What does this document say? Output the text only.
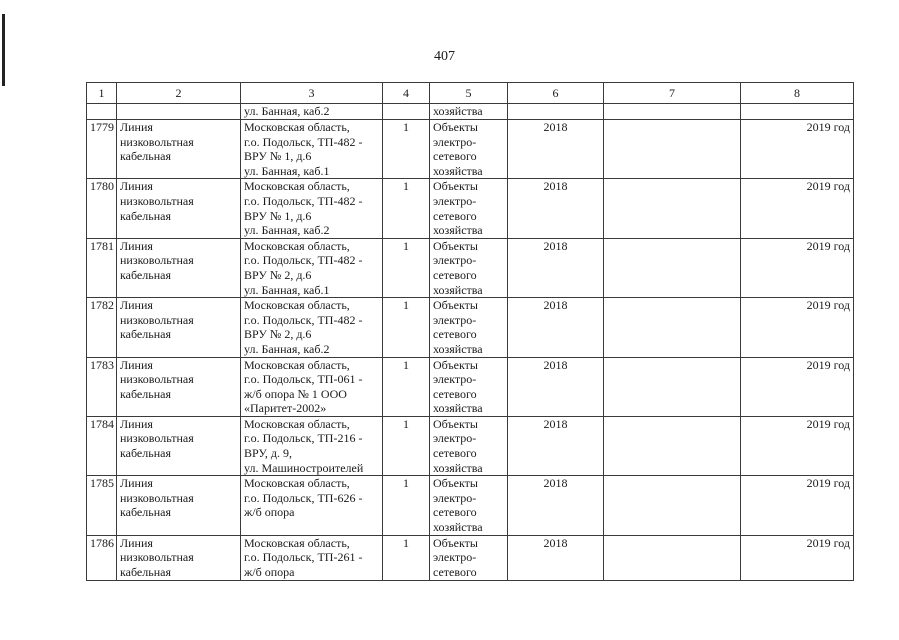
407
1	2	3	4	5	6	7	8
		ул. Банная, каб.2		хозяйства			
1779	Линия
низковольтная
кабельная	Московская область,
г.о. Подольск, ТП-482 -
ВРУ № 1, д.6
ул. Банная, каб.1	1	Объекты
электро-
сетевого
хозяйства	2018		2019 год
1780	Линия
низковольтная
кабельная	Московская область,
г.о. Подольск, ТП-482 -
ВРУ № 1, д.6
ул. Банная, каб.2	1	Объекты
электро-
сетевого
хозяйства	2018		2019 год
1781	Линия
низковольтная
кабельная	Московская область,
г.о. Подольск, ТП-482 -
ВРУ № 2, д.6
ул. Банная, каб.1	1	Объекты
электро-
сетевого
хозяйства	2018		2019 год
1782	Линия
низковольтная
кабельная	Московская область,
г.о. Подольск, ТП-482 -
ВРУ № 2, д.6
ул. Банная, каб.2	1	Объекты
электро-
сетевого
хозяйства	2018		2019 год
1783	Линия
низковольтная
кабельная	Московская область,
г.о. Подольск, ТП-061 -
ж/б опора № 1 ООО
«Паритет-2002»	1	Объекты
электро-
сетевого
хозяйства	2018		2019 год
1784	Линия
низковольтная
кабельная	Московская область,
г.о. Подольск, ТП-216 -
ВРУ, д. 9,
ул. Машиностроителей	1	Объекты
электро-
сетевого
хозяйства	2018		2019 год
1785	Линия
низковольтная
кабельная	Московская область,
г.о. Подольск, ТП-626 -
ж/б опора	1	Объекты
электро-
сетевого
хозяйства	2018		2019 год
1786	Линия
низковольтная
кабельная	Московская область,
г.о. Подольск, ТП-261 -
ж/б опора	1	Объекты
электро-
сетевого	2018		2019 год
